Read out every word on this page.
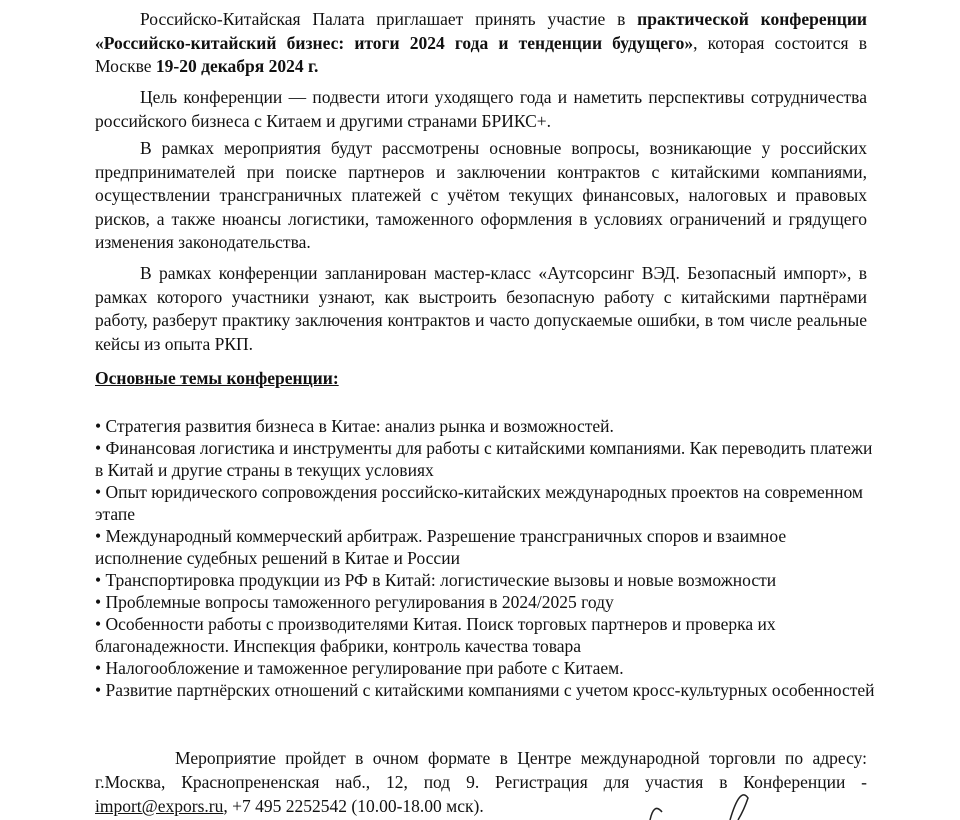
Российско-Китайская Палата приглашает принять участие в практической конференции «Российско-китайский бизнес: итоги 2024 года и тенденции будущего», которая состоится в Москве 19-20 декабря 2024 г.

Цель конференции — подвести итоги уходящего года и наметить перспективы сотрудничества российского бизнеса с Китаем и другими странами БРИКС+.

В рамках мероприятия будут рассмотрены основные вопросы, возникающие у российских предпринимателей при поиске партнеров и заключении контрактов с китайскими компаниями, осуществлении трансграничных платежей с учётом текущих финансовых, налоговых и правовых рисков, а также нюансы логистики, таможенного оформления в условиях ограничений и грядущего изменения законодательства.

В рамках конференции запланирован мастер-класс «Аутсорсинг ВЭД. Безопасный импорт», в рамках которого участники узнают, как выстроить безопасную работу с китайскими партнёрами работу, разберут практику заключения контрактов и часто допускаемые ошибки, в том числе реальные кейсы из опыта РКП.

Основные темы конференции:

• Стратегия развития бизнеса в Китае: анализ рынка и возможностей.
• Финансовая логистика и инструменты для работы с китайскими компаниями. Как переводить платежи в Китай и другие страны в текущих условиях
• Опыт юридического сопровождения российско-китайских международных проектов на современном этапе
• Международный коммерческий арбитраж. Разрешение трансграничных споров и взаимное исполнение судебных решений в Китае и России
• Транспортировка продукции из РФ в Китай: логистические вызовы и новые возможности
• Проблемные вопросы таможенного регулирования в 2024/2025 году
• Особенности работы с производителями Китая. Поиск торговых партнеров и проверка их благонадежности. Инспекция фабрики, контроль качества товара
• Налогообложение и таможенное регулирование при работе с Китаем.
• Развитие партнёрских отношений с китайскими компаниями с учетом кросс-культурных особенностей

Мероприятие пройдет в очном формате в Центре международной торговли по адресу: г.Москва, Краснопрененская наб., 12, под 9. Регистрация для участия в Конференции - import@expors.ru, +7 495 2252542 (10.00-18.00 мск).
